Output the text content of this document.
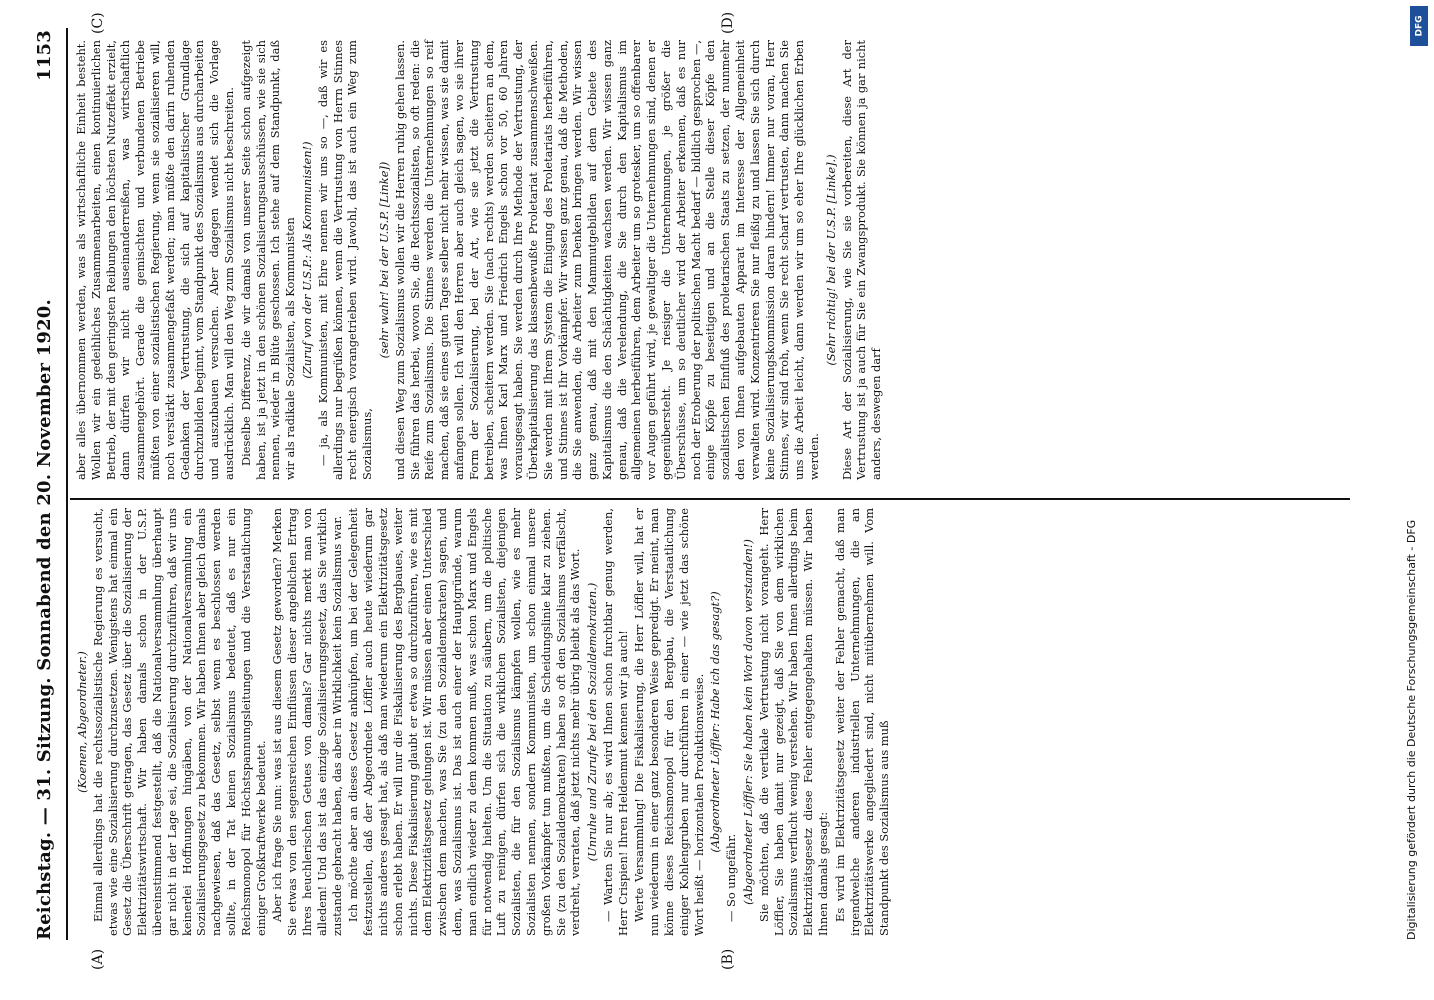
Reichstag. — 31. Sitzung. Sonnabend den 20. November 1920.
1153

(Koenen, Abgeordneter.) Einmal allerdings hat die rechtssozialistische Regierung es versucht, etwas wie eine Sozialisierung durchzusetzen. Wenigstens hat einmal ein Gesetz die Überschrift getragen, das Gesetz über die Sozialisierung der Elektrizitätswirtschaft. Wir haben damals schon in der U.S.P. übereinstimmend festgestellt, daß die Nationalversammlung überhaupt gar nicht in der Lage sei, die Sozialisierung durchzuführen, daß wir uns keinerlei Hoffnungen hingäben, von der Nationalversammlung ein Sozialisierungsgesetz zu bekommen. Wir haben Ihnen aber gleich damals nachgewiesen, daß das Gesetz, selbst wenn es beschlossen werden sollte, in der Tat keinen Sozialismus bedeutet, daß es nur ein Reichsmonopol für Höchstspannungsleitungen und die Verstaatlichung einiger Großkraftwerke bedeutet. Aber ich frage Sie nun: was ist aus diesem Gesetz geworden? Merken Sie etwas von den segensreichen Einflüssen dieser angeblichen Ertrag Ihres heuchlerischen Getues von damals? Gar nichts merkt man von alledem! Und das ist das einzige Sozialisierungsgesetz, das Sie wirklich zustande gebracht haben, das aber in Wirklichkeit kein Sozialismus war. Ich möchte aber an dieses Gesetz anknüpfen, um bei der Gelegenheit festzustellen, daß der Abgeordnete Löffler auch heute wiederum gar nichts anderes gesagt hat, als daß man wiederum ein Elektrizitätsgesetz schon erlebt haben. Er will nur die Fiskalisierung des Bergbaues, weiter nichts. Diese Fiskalisierung glaubt er etwa so durchzuführen, wie es mit dem Elektrizitätsgesetz gelungen ist. Wir müssen aber einen Unterschied zwischen dem machen, was Sie (zu den Sozialdemokraten) sagen, und dem, was Sozialismus ist. Das ist auch einer der Hauptgründe, warum man endlich wieder zu dem kommen muß, was schon Marx und Engels für notwendig hielten. Um die Situation zu säubern, um die politische Luft zu reinigen, dürfen sich die wirklichen Sozialisten, diejenigen Sozialisten, die für den Sozialismus kämpfen wollen, wie es mehr Sozialisten nennen, sondern Kommunisten, um schon einmal unsere großen Vorkämpfer tun mußten, um die Scheidungslinie klar zu ziehen. Sie (zu den Sozialdemokraten) haben so oft den Sozialismus verfälscht, verdreht, verraten, daß jetzt nichts mehr übrig bleibt als das Wort. (Unruhe und Zurufe bei den Sozialdemokraten.) — Warten Sie nur ab; es wird Ihnen schon furchtbar genug werden, Herr Crispien! Ihren Heldenmut kennen wir ja auch! Werte Versammlung! Die Fiskalisierung, die Herr Löffler will, hat er nun wiederum in einer ganz besonderen Weise gepredigt. Er meint, man könne dieses Reichsmonopol für den Bergbau, die Verstaatlichung einiger Kohlengruben nur durchführen in einer — wie jetzt das schöne Wort heißt — horizontalen Produktionsweise. (Abgeordneter Löffler: Habe ich das gesagt?)

— So ungefähr. (Abgeordneter Löffler: Sie haben kein Wort davon verstanden!) Sie möchten, daß die vertikale Vertrustung nicht vorangeht. Herr Löffler, Sie haben damit nur gezeigt, daß Sie von dem wirklichen Sozialismus verflucht wenig verstehen. Wir haben Ihnen allerdings beim Elektrizitätsgesetz diese Fehler entgegengehalten müssen. Wir haben Ihnen damals gesagt: Es wird im Elektrizitätsgesetz weiter der Fehler gemacht, daß man irgendwelche anderen industriellen Unternehmungen, die an Elektrizitätswerke angegliedert sind, nicht mitübernehmen will. Vom Standpunkt des Sozialismus aus muß

aber alles übernommen werden, was als wirtschaftliche Einheit besteht. Wollen wir ein gedeihliches Zusammenarbeiten, einen kontinuierlichen Betrieb, der mit den geringsten Reibungen den höchsten Nutzeffekt erzielt, dann dürfen wir nicht auseinanderreißen, was wirtschaftlich zusammengehört. Gerade die gemischten und verbundenen Betriebe müßten von einer sozialistischen Regierung, wenn sie sozialisieren will, noch verstärkt zusammengefaßt werden; man müßte den darin ruhenden Gedanken der Vertrustung, die sich auf kapitalistischer Grundlage durchzubilden beginnt, vom Standpunkt des Sozialismus aus durcharbeiten und auszubauen versuchen. Aber dagegen wendet sich die Vorlage ausdrücklich. Man will den Weg zum Sozialismus nicht beschreiten. Dieselbe Differenz, die wir damals von unserer Seite schon aufgezeigt haben, ist ja jetzt in den schönen Sozialisierungsausschüssen, wie sie sich nennen, wieder in Blüte geschossen. Ich stehe auf dem Standpunkt, daß wir als radikale Sozialisten, als Kommunisten (Zuruf von der U.S.P.: Als Kommunisten!) — ja, als Kommunisten, mit Ehre nennen wir uns so —, daß wir es allerdings nur begrüßen können, wenn die Vertrustung von Herrn Stinnes recht energisch vorangetrieben wird. Jawohl, das ist auch ein Weg zum Sozialismus,

(sehr wahr! bei der U.S.P. [Linke]) und diesen Weg zum Sozialismus wollen wir die Herren ruhig gehen lassen. Sie führen das herbei, wovon Sie, die Rechtssozialisten, so oft reden: die Reife zum Sozialismus. Die Stinnes werden die Unternehmungen so reif machen, daß sie eines guten Tages selber nicht mehr wissen, was sie damit anfangen sollen. Ich will den Herren aber auch gleich sagen, wo sie ihrer Form der Sozialisierung, bei der Art, wie sie jetzt die Vertrustung betreiben, scheitern werden. Sie (nach rechts) werden scheitern an dem, was Ihnen Karl Marx und Friedrich Engels schon vor 50, 60 Jahren vorausgesagt haben. Sie werden durch Ihre Methode der Vertrustung, der Überkapitalisierung das klassenbewußte Proletariat zusammenschweißen. Sie werden mit Ihrem System die Einigung des Proletariats herbeiführen, und Stinnes ist Ihr Vorkämpfer. Wir wissen ganz genau, daß die Methoden, die Sie anwenden, die Arbeiter zum Denken bringen werden. Wir wissen ganz genau, daß mit den Mammutgebilden auf dem Gebiete des Kapitalismus die den Schächtigkeiten wachsen werden. Wir wissen ganz genau, daß die Verelendung, die Sie durch den Kapitalismus im allgemeinen herbeiführen, dem Arbeiter um so grotesker, um so offenbarer vor Augen geführt wird, je gewaltiger die Unternehmungen sind, denen er gegenübersteht. Je riesiger die Unternehmungen, je größer die Überschüsse, um so deutlicher wird der Arbeiter erkennen, daß es nur noch der Eroberung der politischen Macht bedarf — bildlich gesprochen —, einige Köpfe zu beseitigen und an die Stelle dieser Köpfe den sozialistischen Einfluß des proletarischen Staats zu setzen, der nunmehr den von Ihnen aufgebauten Apparat im Interesse der Allgemeinheit verwalten wird. Konzentrieren Sie nur fleißig zu und lassen Sie sich durch keine Sozialisierungskommission daran hindern! Immer nur voran, Herr Stinnes, wir sind froh, wenn Sie recht scharf vertrusten, dann machen Sie uns die Arbeit leicht, dann werden wir um so eher Ihre glücklichen Erben werden.

(Sehr richtig! bei der U.S.P. [Linke].) Diese Art der Sozialisierung, wie Sie sie vorbereiten, diese Art der Vertrustung ist ja auch für Sie ein Zwangsprodukt. Sie können ja gar nicht anders, deswegen darf

(A)	(B)
(C)	(D)	DFG
Digitalisierung gefördert durch die Deutsche Forschungsgemeinschaft - DFG
